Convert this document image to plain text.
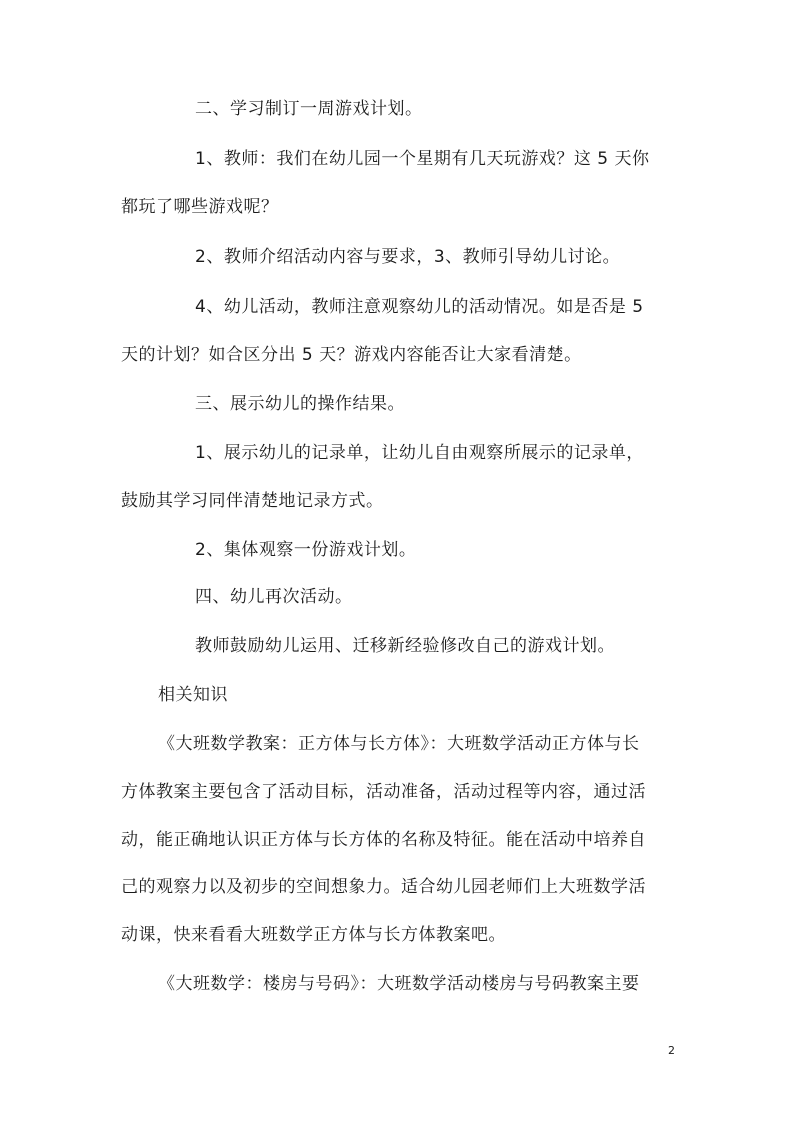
二、学习制订一周游戏计划。
1、教师：我们在幼儿园一个星期有几天玩游戏？这 5 天你
都玩了哪些游戏呢？
2、教师介绍活动内容与要求，3、教师引导幼儿讨论。
4、幼儿活动，教师注意观察幼儿的活动情况。如是否是 5
天的计划？如合区分出 5 天？游戏内容能否让大家看清楚。
三、展示幼儿的操作结果。
1、展示幼儿的记录单，让幼儿自由观察所展示的记录单，
鼓励其学习同伴清楚地记录方式。
2、集体观察一份游戏计划。
四、幼儿再次活动。
教师鼓励幼儿运用、迁移新经验修改自己的游戏计划。
相关知识
《大班数学教案：正方体与长方体》：大班数学活动正方体与长
方体教案主要包含了活动目标，活动准备，活动过程等内容，通过活
动，能正确地认识正方体与长方体的名称及特征。能在活动中培养自
己的观察力以及初步的空间想象力。适合幼儿园老师们上大班数学活
动课，快来看看大班数学正方体与长方体教案吧。
《大班数学：楼房与号码》：大班数学活动楼房与号码教案主要
2
